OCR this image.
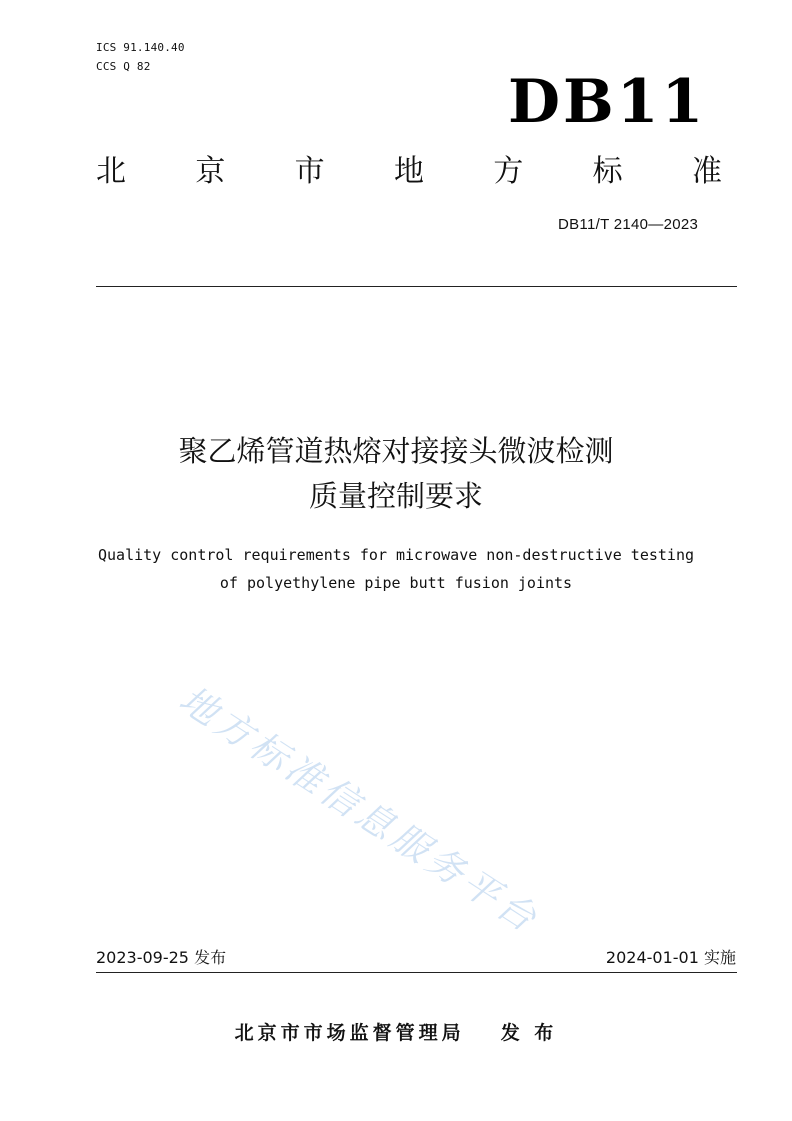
ICS 91.140.40
CCS Q 82
DB11
北 京 市 地 方 标 准
DB11/T 2140—2023
聚乙烯管道热熔对接接头微波检测
质量控制要求
Quality control requirements for microwave non-destructive testing
of polyethylene pipe butt fusion joints
地方标准信息服务平台
2023-09-25 发布	2024-01-01 实施
北京市市场监督管理局 发 布
